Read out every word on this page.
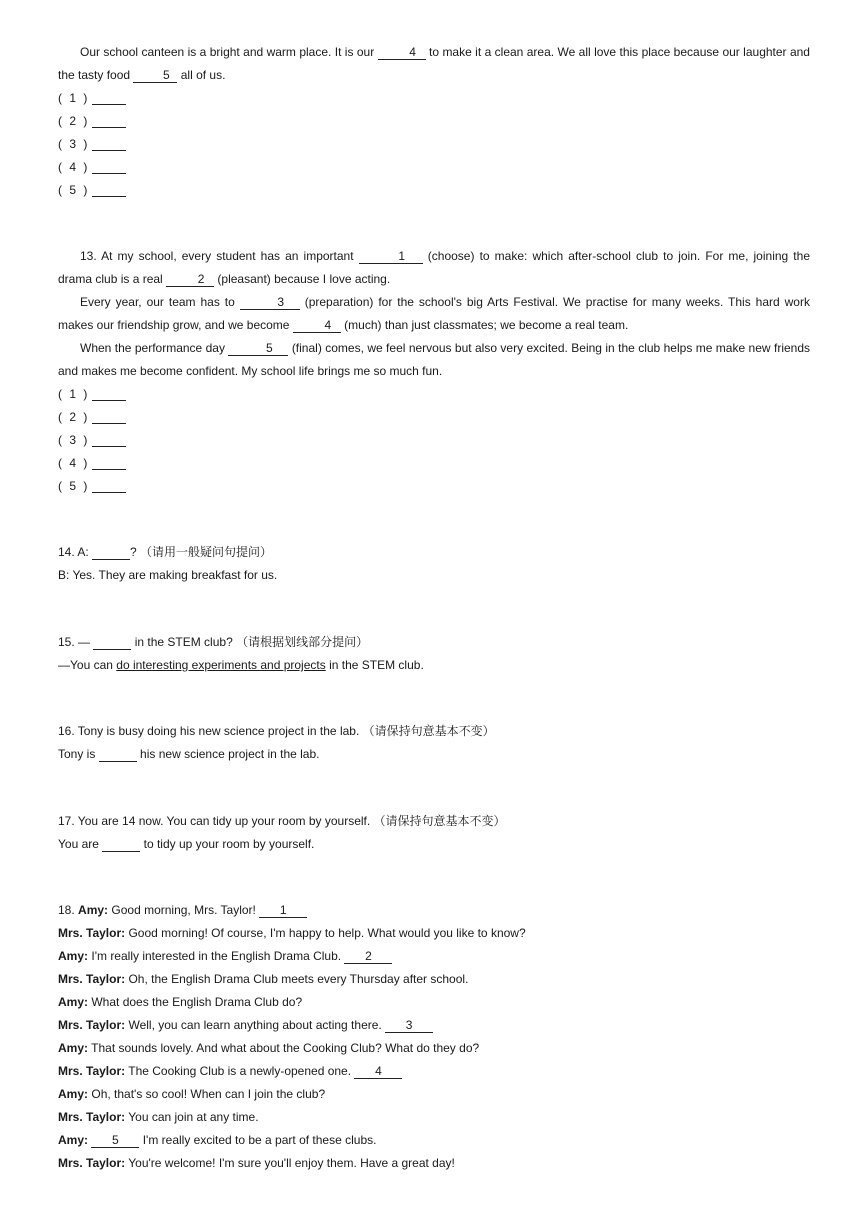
Our school canteen is a bright and warm place. It is our	4 to make it a clean area. We all love this place because our laughter and the tasty food	5 all of us.
( 1 )
( 2 )
( 3 )
( 4 )
( 5 )
13. At my school, every student has an important	1 (choose) to make: which after-school club to join. For me, joining the drama club is a real	2 (pleasant) because I love acting.
Every year, our team has to	3 (preparation) for the school's big Arts Festival. We practise for many weeks. This hard work makes our friendship grow, and we become	4 (much) than just classmates; we become a real team.
When the performance day	5 (final) comes, we feel nervous but also very excited. Being in the club helps me make new friends and makes me become confident. My school life brings me so much fun.
( 1 )
( 2 )
( 3 )
( 4 )
( 5 )
14. A:	? （请用一般疑问句提问）
B: Yes. They are making breakfast for us.
15. —	in the STEM club? （请根据划线部分提问）
—You can do interesting experiments and projects in the STEM club.
16. Tony is busy doing his new science project in the lab. （请保持句意基本不变）
Tony is	his new science project in the lab.
17. You are 14 now. You can tidy up your room by yourself. （请保持句意基本不变）
You are	to tidy up your room by yourself.
18. Amy: Good morning, Mrs. Taylor! 1
Mrs. Taylor: Good morning! Of course, I'm happy to help. What would you like to know?
Amy: I'm really interested in the English Drama Club. 2
Mrs. Taylor: Oh, the English Drama Club meets every Thursday after school.
Amy: What does the English Drama Club do?
Mrs. Taylor: Well, you can learn anything about acting there. 3
Amy: That sounds lovely. And what about the Cooking Club? What do they do?
Mrs. Taylor: The Cooking Club is a newly-opened one. 4
Amy: Oh, that's so cool! When can I join the club?
Mrs. Taylor: You can join at any time.
Amy: 5 I'm really excited to be a part of these clubs.
Mrs. Taylor: You're welcome! I'm sure you'll enjoy them. Have a great day!
